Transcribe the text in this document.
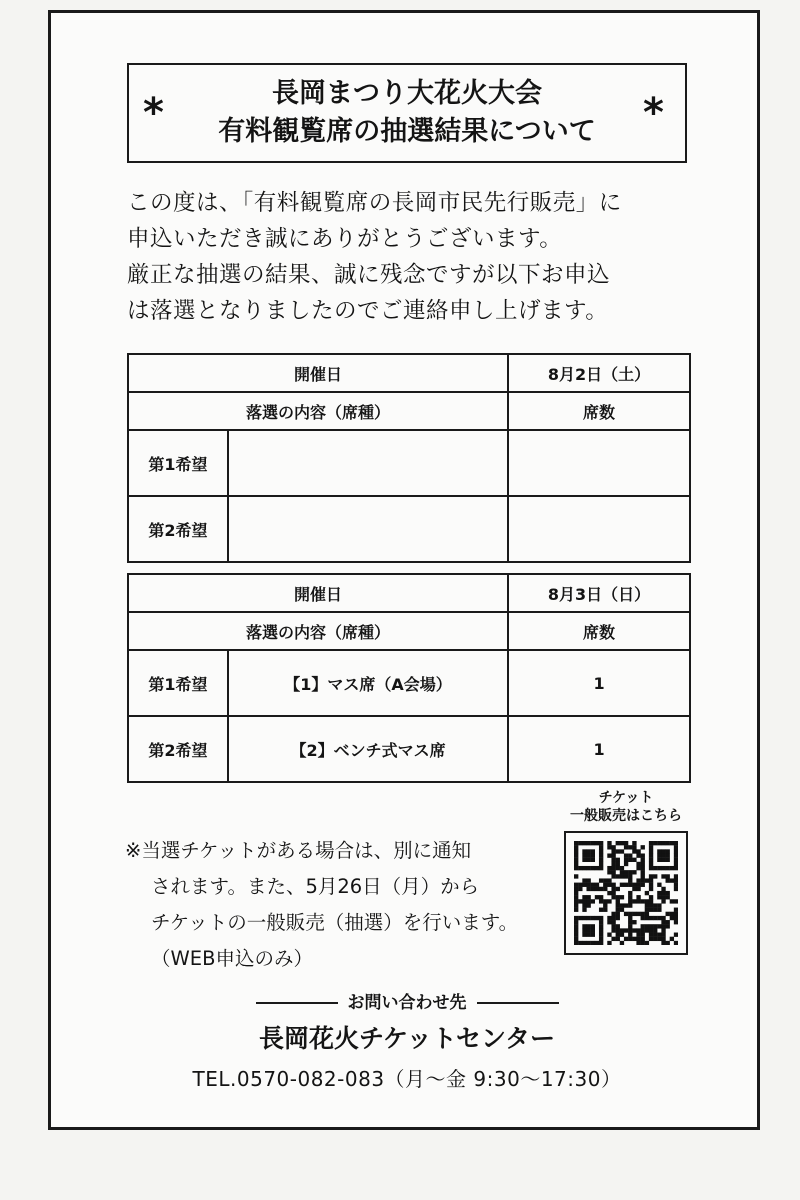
長岡まつり大花火大会
有料観覧席の抽選結果について
*	*

この度は、「有料観覧席の長岡市民先行販売」に

申込いただき誠にありがとうございます。

厳正な抽選の結果、誠に残念ですが以下お申込

は落選となりましたのでご連絡申し上げます。

開催日		8月2日（土）
落選の内容（席種）		席数
第1希望		
第2希望		
開催日		8月3日（日）
落選の内容（席種）		席数
第1希望	【1】マス席（A会場）	1
第2希望	【2】ベンチ式マス席	1

※当選チケットがある場合は、別に通知

されます。また、5月26日（月）から

チケットの一般販売（抽選）を行います。

（WEB申込のみ）

チケット
一般販売はこちら
お問い合わせ先
長岡花火チケットセンター
TEL.0570-082-083（月～金 9:30～17:30）
